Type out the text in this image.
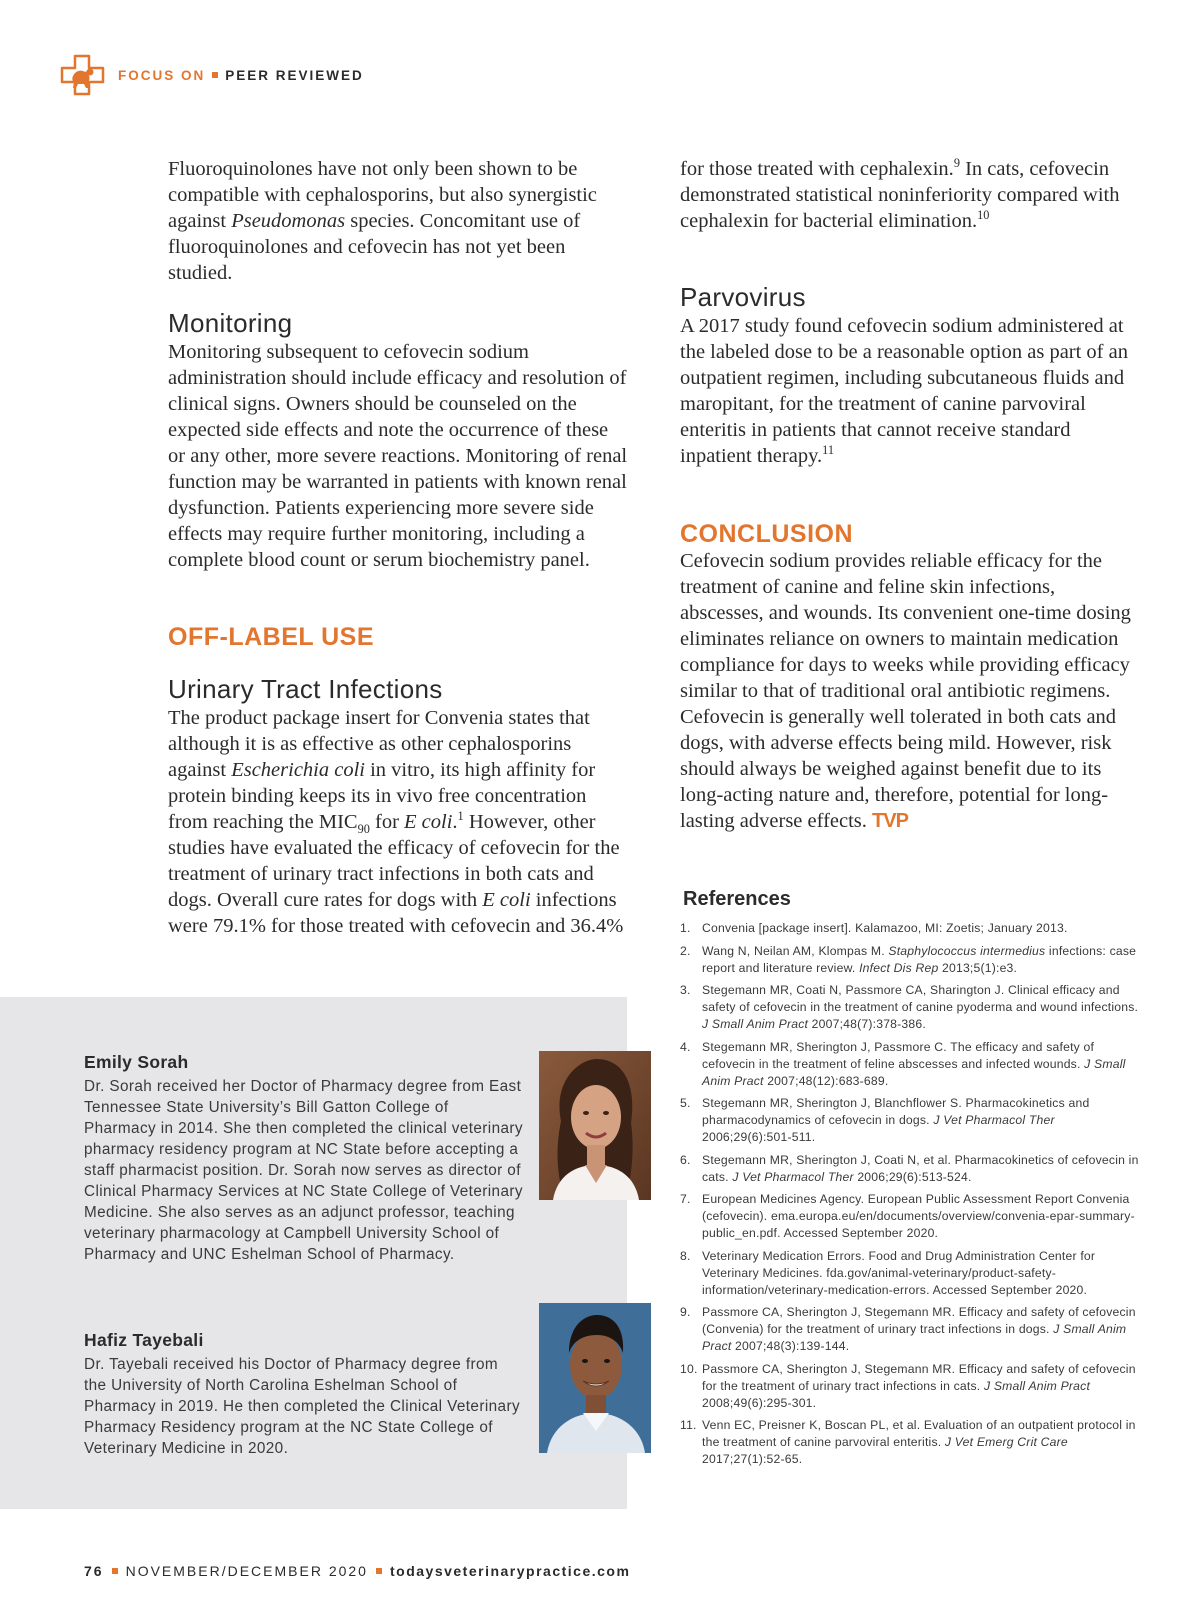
FOCUS ON PEER REVIEWED

Fluoroquinolones have not only been shown to be compatible with cephalosporins, but also synergistic against Pseudomonas species. Concomitant use of fluoroquinolones and cefovecin has not yet been studied.

Monitoring

Monitoring subsequent to cefovecin sodium administration should include efficacy and resolution of clinical signs. Owners should be counseled on the expected side effects and note the occurrence of these or any other, more severe reactions. Monitoring of renal function may be warranted in patients with known renal dysfunction. Patients experiencing more severe side effects may require further monitoring, including a complete blood count or serum biochemistry panel.

OFF-LABEL USE
Urinary Tract Infections

The product package insert for Convenia states that although it is as effective as other cephalosporins against Escherichia coli in vitro, its high affinity for protein binding keeps its in vivo free concentration from reaching the $MIC_{90}$ for E coli.$^1$ However, other studies have evaluated the efficacy of cefovecin for the treatment of urinary tract infections in both cats and dogs. Overall cure rates for dogs with E coli infections were 79.1% for those treated with cefovecin and 36.4%

for those treated with cephalexin.$^9$ In cats, cefovecin demonstrated statistical noninferiority compared with cephalexin for bacterial elimination.$^{10}$

Parvovirus

A 2017 study found cefovecin sodium administered at the labeled dose to be a reasonable option as part of an outpatient regimen, including subcutaneous fluids and maropitant, for the treatment of canine parvoviral enteritis in patients that cannot receive standard inpatient therapy.$^{11}$

CONCLUSION

Cefovecin sodium provides reliable efficacy for the treatment of canine and feline skin infections, abscesses, and wounds. Its convenient one-time dosing eliminates reliance on owners to maintain medication compliance for days to weeks while providing efficacy similar to that of traditional oral antibiotic regimens. Cefovecin is generally well tolerated in both cats and dogs, with adverse effects being mild. However, risk should always be weighed against benefit due to its long-acting nature and, therefore, potential for long-lasting adverse effects. TVP

Emily Sorah

Dr. Sorah received her Doctor of Pharmacy degree from East Tennessee State University’s Bill Gatton College of Pharmacy in 2014. She then completed the clinical veterinary pharmacy residency program at NC State before accepting a staff pharmacist position. Dr. Sorah now serves as director of Clinical Pharmacy Services at NC State College of Veterinary Medicine. She also serves as an adjunct professor, teaching veterinary pharmacology at Campbell University School of Pharmacy and UNC Eshelman School of Pharmacy.

Hafiz Tayebali

Dr. Tayebali received his Doctor of Pharmacy degree from the University of North Carolina Eshelman School of Pharmacy in 2019. He then completed the Clinical Veterinary Pharmacy Residency program at the NC State College of Veterinary Medicine in 2020.

References
1. Convenia [package insert]. Kalamazoo, MI: Zoetis; January 2013.
2. Wang N, Neilan AM, Klompas M. Staphylococcus intermedius infections: case report and literature review. Infect Dis Rep 2013;5(1):e3.
3. Stegemann MR, Coati N, Passmore CA, Sharington J. Clinical efficacy and safety of cefovecin in the treatment of canine pyoderma and wound infections. J Small Anim Pract 2007;48(7):378-386.
4. Stegemann MR, Sherington J, Passmore C. The efficacy and safety of cefovecin in the treatment of feline abscesses and infected wounds. J Small Anim Pract 2007;48(12):683-689.
5. Stegemann MR, Sherington J, Blanchflower S. Pharmacokinetics and pharmacodynamics of cefovecin in dogs. J Vet Pharmacol Ther 2006;29(6):501-511.
6. Stegemann MR, Sherington J, Coati N, et al. Pharmacokinetics of cefovecin in cats. J Vet Pharmacol Ther 2006;29(6):513-524.
7. European Medicines Agency. European Public Assessment Report Convenia (cefovecin). ema.europa.eu/en/documents/overview/convenia-epar-summary-public_en.pdf. Accessed September 2020.
8. Veterinary Medication Errors. Food and Drug Administration Center for Veterinary Medicines. fda.gov/animal-veterinary/product-safety-information/veterinary-medication-errors. Accessed September 2020.
9. Passmore CA, Sherington J, Stegemann MR. Efficacy and safety of cefovecin (Convenia) for the treatment of urinary tract infections in dogs. J Small Anim Pract 2007;48(3):139-144.
10. Passmore CA, Sherington J, Stegemann MR. Efficacy and safety of cefovecin for the treatment of urinary tract infections in cats. J Small Anim Pract 2008;49(6):295-301.
11. Venn EC, Preisner K, Boscan PL, et al. Evaluation of an outpatient protocol in the treatment of canine parvoviral enteritis. J Vet Emerg Crit Care 2017;27(1):52-65.
76 NOVEMBER/DECEMBER 2020 todaysveterinarypractice.com
